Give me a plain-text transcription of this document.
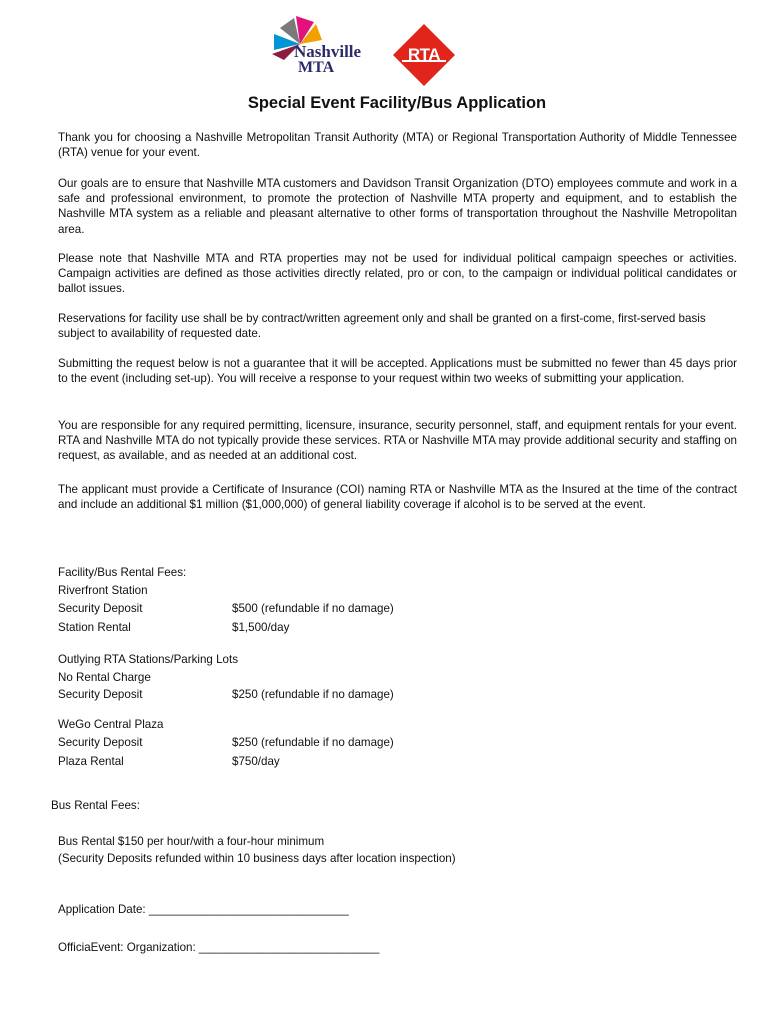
Nashville
MTA
RTA
Special Event Facility/Bus Application

Thank you for choosing a Nashville Metropolitan Transit Authority (MTA) or Regional Transportation Authority of Middle Tennessee (RTA) venue for your event.

Our goals are to ensure that Nashville MTA customers and Davidson Transit Organization (DTO) employees commute and work in a safe and professional environment, to promote the protection of Nashville MTA property and equipment, and to establish the Nashville MTA system as a reliable and pleasant alternative to other forms of transportation throughout the Nashville Metropolitan area.

Please note that Nashville MTA and RTA properties may not be used for individual political campaign speeches or activities. Campaign activities are defined as those activities directly related, pro or con, to the campaign or individual political candidates or ballot issues.

Reservations for facility use shall be by contract/written agreement only and shall be granted on a first-come, first-served basis subject to availability of requested date.

Submitting the request below is not a guarantee that it will be accepted. Applications must be submitted no fewer than 45 days prior to the event (including set-up). You will receive a response to your request within two weeks of submitting your application.

You are responsible for any required permitting, licensure, insurance, security personnel, staff, and equipment rentals for your event. RTA and Nashville MTA do not typically provide these services. RTA or Nashville MTA may provide additional security and staffing on request, as available, and as needed at an additional cost.

The applicant must provide a Certificate of Insurance (COI) naming RTA or Nashville MTA as the Insured at the time of the contract and include an additional $1 million ($1,000,000) of general liability coverage if alcohol is to be served at the event.

Facility/Bus Rental Fees:
Riverfront Station
Security Deposit	$500 (refundable if no damage)
Station Rental	$1,500/day
Outlying RTA Stations/Parking Lots
No Rental Charge
Security Deposit	$250 (refundable if no damage)
WeGo Central Plaza
Security Deposit	$250 (refundable if no damage)
Plaza Rental	$750/day
Bus Rental Fees:
Bus Rental $150 per hour/with a four-hour minimum
(Security Deposits refunded within 10 business days after location inspection)
Application Date: _______________________________
OfficiaEvent: Organization: ____________________________
